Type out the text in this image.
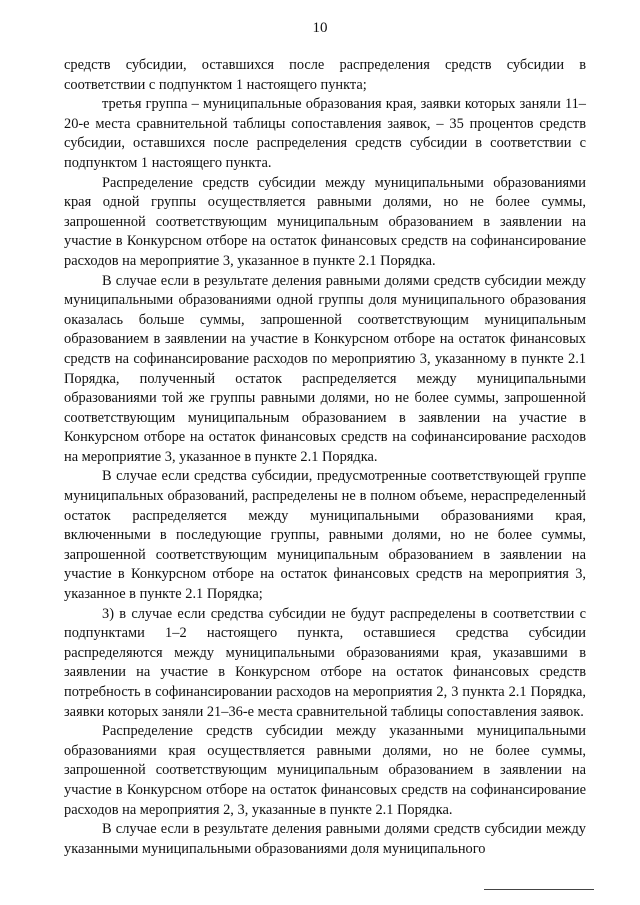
10

средств субсидии, оставшихся после распределения средств субсидии в соответствии с подпунктом 1 настоящего пункта;

третья группа – муниципальные образования края, заявки которых заняли 11–20-е места сравнительной таблицы сопоставления заявок, – 35 процентов средств субсидии, оставшихся после распределения средств субсидии в соответствии с подпунктом 1 настоящего пункта.

Распределение средств субсидии между муниципальными образованиями края одной группы осуществляется равными долями, но не более суммы, запрошенной соответствующим муниципальным образованием в заявлении на участие в Конкурсном отборе на остаток финансовых средств на софинансирование расходов на мероприятие 3, указанное в пункте 2.1 Порядка.

В случае если в результате деления равными долями средств субсидии между муниципальными образованиями одной группы доля муниципального образования оказалась больше суммы, запрошенной соответствующим муниципальным образованием в заявлении на участие в Конкурсном отборе на остаток финансовых средств на софинансирование расходов по мероприятию 3, указанному в пункте 2.1 Порядка, полученный остаток распределяется между муниципальными образованиями той же группы равными долями, но не более суммы, запрошенной соответствующим муниципальным образованием в заявлении на участие в Конкурсном отборе на остаток финансовых средств на софинансирование расходов на мероприятие 3, указанное в пункте 2.1 Порядка.

В случае если средства субсидии, предусмотренные соответствующей группе муниципальных образований, распределены не в полном объеме, нераспределенный остаток распределяется между муниципальными образованиями края, включенными в последующие группы, равными долями, но не более суммы, запрошенной соответствующим муниципальным образованием в заявлении на участие в Конкурсном отборе на остаток финансовых средств на мероприятия 3, указанное в пункте 2.1 Порядка;

3) в случае если средства субсидии не будут распределены в соответствии с подпунктами 1–2 настоящего пункта, оставшиеся средства субсидии распределяются между муниципальными образованиями края, указавшими в заявлении на участие в Конкурсном отборе на остаток финансовых средств потребность в софинансировании расходов на мероприятия 2, 3 пункта 2.1 Порядка, заявки которых заняли 21–36-е места сравнительной таблицы сопоставления заявок.

Распределение средств субсидии между указанными муниципальными образованиями края осуществляется равными долями, но не более суммы, запрошенной соответствующим муниципальным образованием в заявлении на участие в Конкурсном отборе на остаток финансовых средств на софинансирование расходов на мероприятия 2, 3, указанные в пункте 2.1 Порядка.

В случае если в результате деления равными долями средств субсидии между указанными муниципальными образованиями доля муниципального
